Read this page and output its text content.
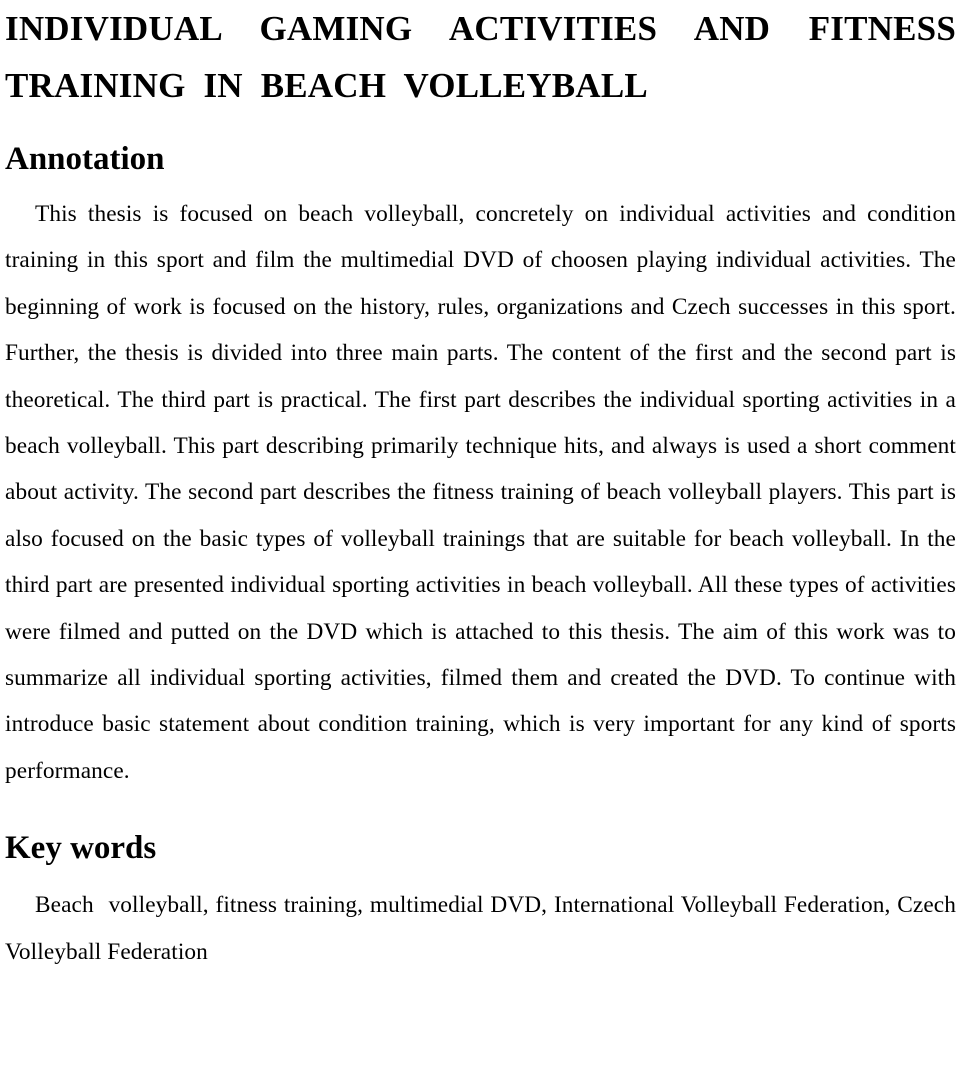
INDIVIDUAL GAMING ACTIVITIES AND FITNESS TRAINING IN BEACH VOLLEYBALL
Annotation

This thesis is focused on beach volleyball, concretely on individual activities and condition training in this sport and film the multimedial DVD of choosen playing individual activities. The beginning of work is focused on the history, rules, organizations and Czech successes in this sport. Further, the thesis is divided into three main parts. The content of the first and the second part is theoretical. The third part is practical. The first part describes the individual sporting activities in a beach volleyball. This part describing primarily technique hits, and always is used a short comment about activity. The second part describes the fitness training of beach volleyball players. This part is also focused on the basic types of volleyball trainings that are suitable for beach volleyball. In the third part are presented individual sporting activities in beach volleyball. All these types of activities were filmed and putted on the DVD which is attached to this thesis. The aim of this work was to summarize all individual sporting activities, filmed them and created the DVD. To continue with introduce basic statement about condition training, which is very important for any kind of sports performance.

Key words

Beach volleyball, fitness training, multimedial DVD, International Volleyball Federation, Czech Volleyball Federation
